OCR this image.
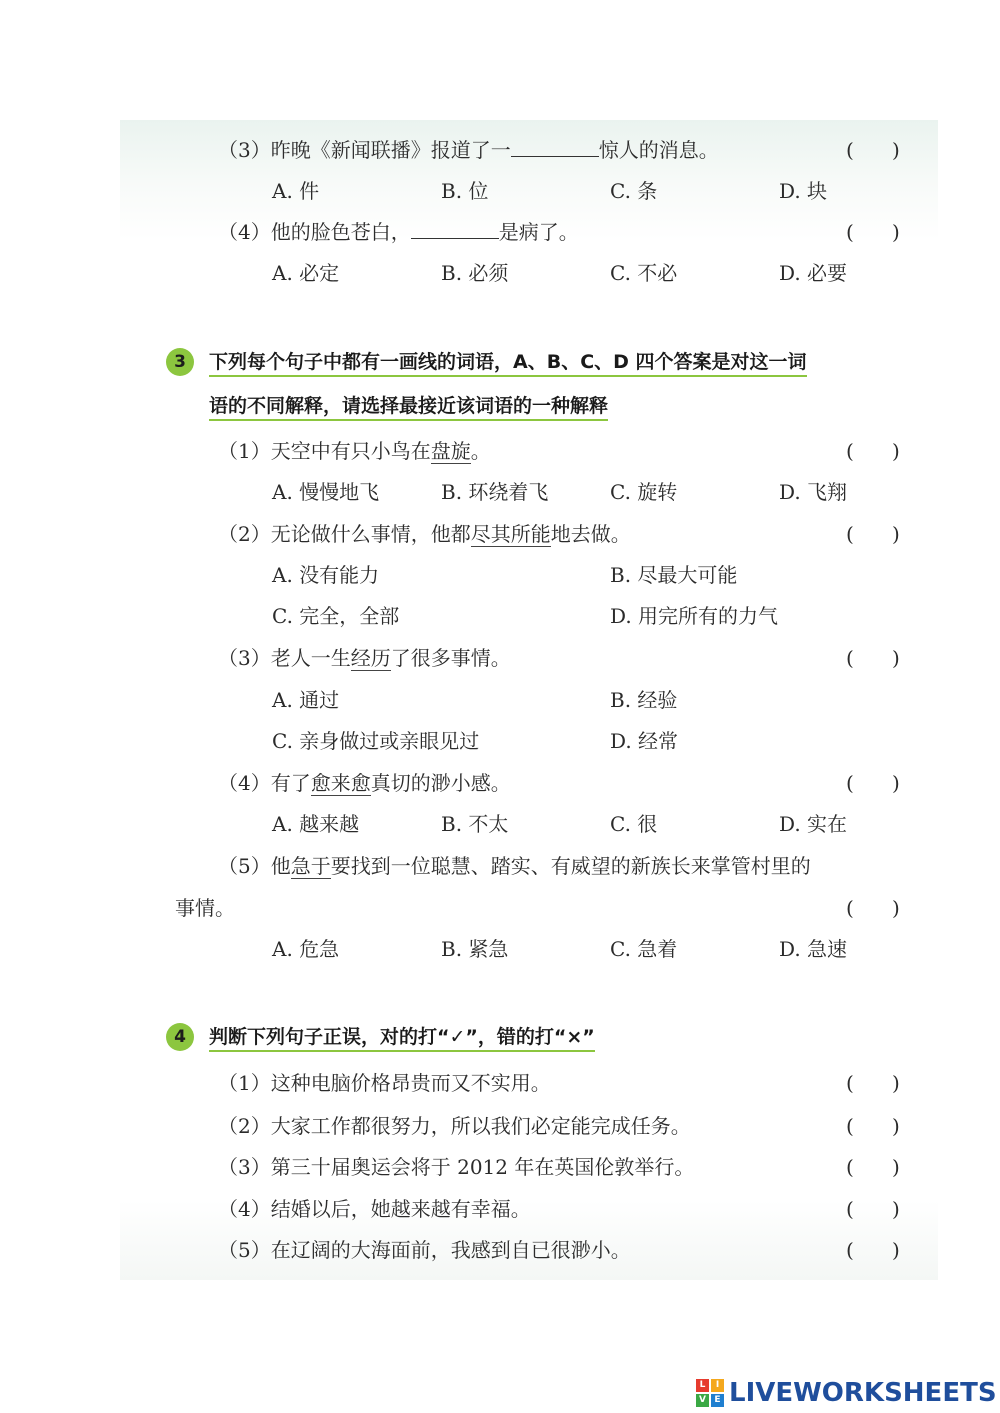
（3）昨晚《新闻联播》报道了一	惊人的消息。	(      )
A. 件	B. 位	C. 条	D. 块
（4）他的脸色苍白，	是病了。	(      )
A. 必定	B. 必须	C. 不必	D. 必要
3	下列每个句子中都有一画线的词语，A、B、C、D 四个答案是对这一词
语的不同解释，请选择最接近该词语的一种解释
（1）天空中有只小鸟在盘旋。	(      )
A. 慢慢地飞	B. 环绕着飞	C. 旋转	D. 飞翔
（2）无论做什么事情，他都尽其所能地去做。	(      )
A. 没有能力	B. 尽最大可能
C. 完全，全部	D. 用完所有的力气
（3）老人一生经历了很多事情。	(      )
A. 通过	B. 经验
C. 亲身做过或亲眼见过	D. 经常
（4）有了愈来愈真切的渺小感。	(      )
A. 越来越	B. 不太	C. 很	D. 实在
（5）他急于要找到一位聪慧、踏实、有威望的新族长来掌管村里的
事情。	(      )
A. 危急	B. 紧急	C. 急着	D. 急速
4	判断下列句子正误，对的打“✓”，错的打“×”
（1）这种电脑价格昂贵而又不实用。	(      )
（2）大家工作都很努力，所以我们必定能完成任务。	(      )
（3）第三十届奥运会将于 2012 年在英国伦敦举行。	(      )
（4）结婚以后，她越来越有幸福。	(      )
（5）在辽阔的大海面前，我感到自已很渺小。	(      )
L	I
V E LIVEWORKSHEETS
